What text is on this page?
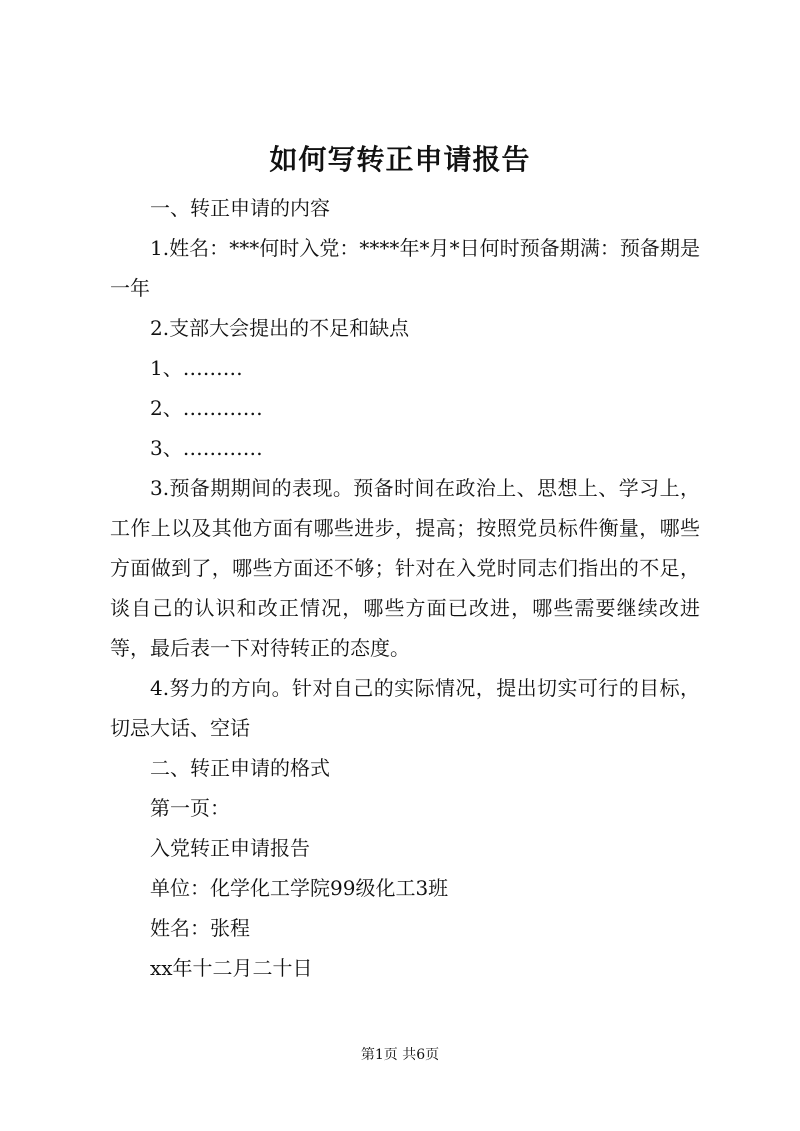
如何写转正申请报告

一、转正申请的内容

1.姓名：***何时入党：****年*月*日何时预备期满：预备期是一年

2.支部大会提出的不足和缺点

1、………

2、…………

3、…………

3.预备期期间的表现。预备时间在政治上、思想上、学习上，工作上以及其他方面有哪些进步，提高；按照党员标件衡量，哪些方面做到了，哪些方面还不够；针对在入党时同志们指出的不足，谈自己的认识和改正情况，哪些方面已改进，哪些需要继续改进等，最后表一下对待转正的态度。

4.努力的方向。针对自己的实际情况，提出切实可行的目标，切忌大话、空话

二、转正申请的格式

第一页：

入党转正申请报告

单位：化学化工学院99级化工3班

姓名：张程

xx年十二月二十日

第1页 共6页
